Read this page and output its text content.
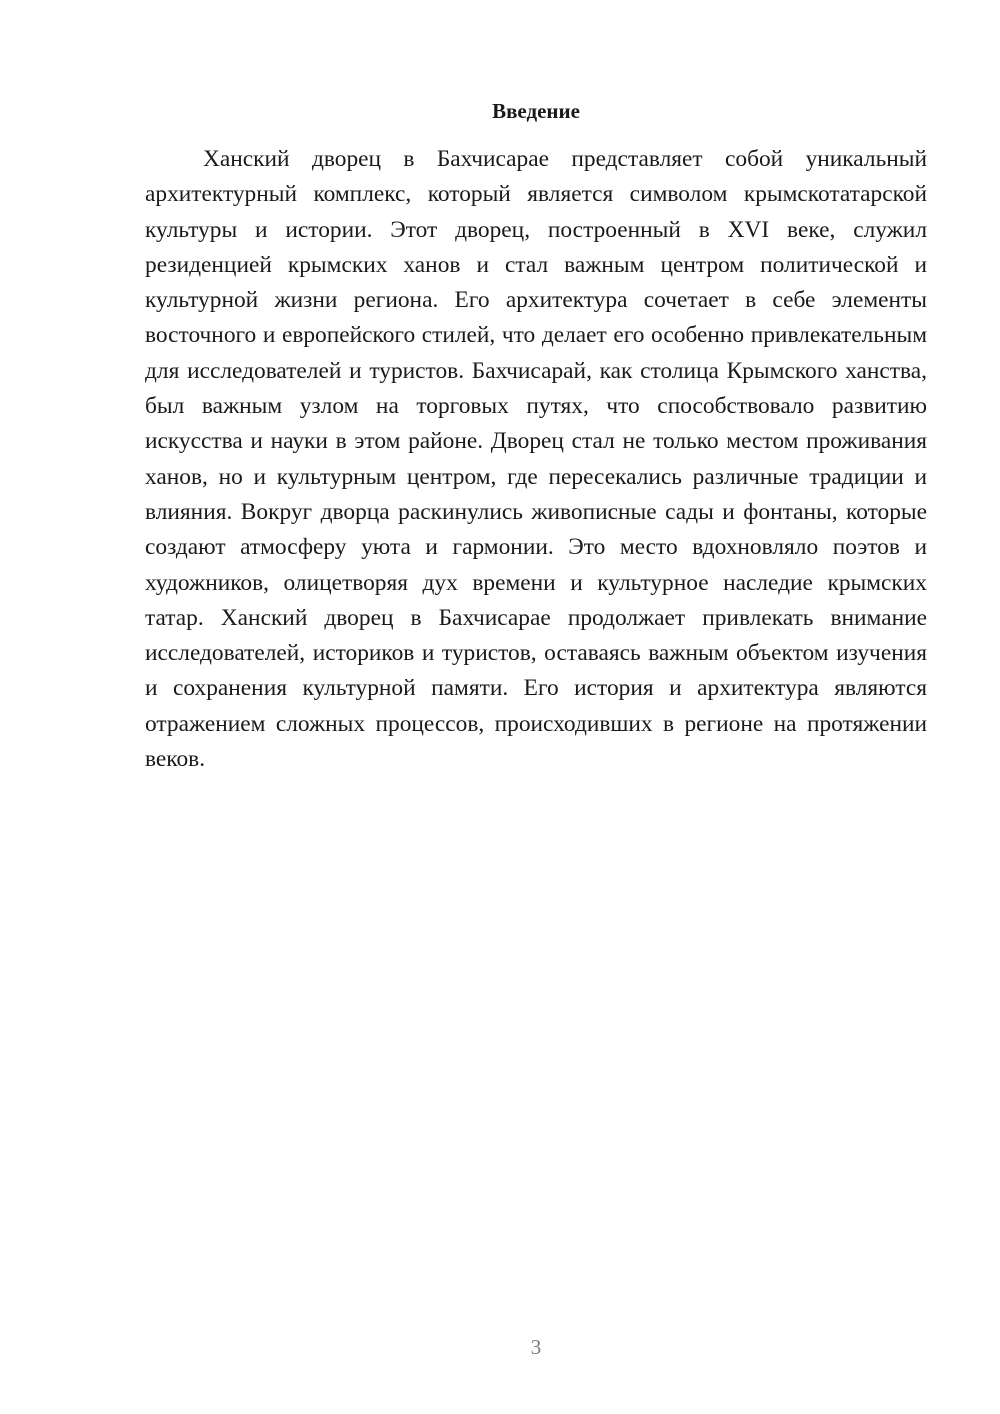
Введение

Ханский дворец в Бахчисарае представляет собой уникальный архитектурный комплекс, который является символом крымскотатарской культуры и истории. Этот дворец, построенный в XVI веке, служил резиденцией крымских ханов и стал важным центром политической и культурной жизни региона. Его архитектура сочетает в себе элементы восточного и европейского стилей, что делает его особенно привлекательным для исследователей и туристов. Бахчисарай, как столица Крымского ханства, был важным узлом на торговых путях, что способствовало развитию искусства и науки в этом районе. Дворец стал не только местом проживания ханов, но и культурным центром, где пересекались различные традиции и влияния. Вокруг дворца раскинулись живописные сады и фонтаны, которые создают атмосферу уюта и гармонии. Это место вдохновляло поэтов и художников, олицетворяя дух времени и культурное наследие крымских татар. Ханский дворец в Бахчисарае продолжает привлекать внимание исследователей, историков и туристов, оставаясь важным объектом изучения и сохранения культурной памяти. Его история и архитектура являются отражением сложных процессов, происходивших в регионе на протяжении веков.

3
